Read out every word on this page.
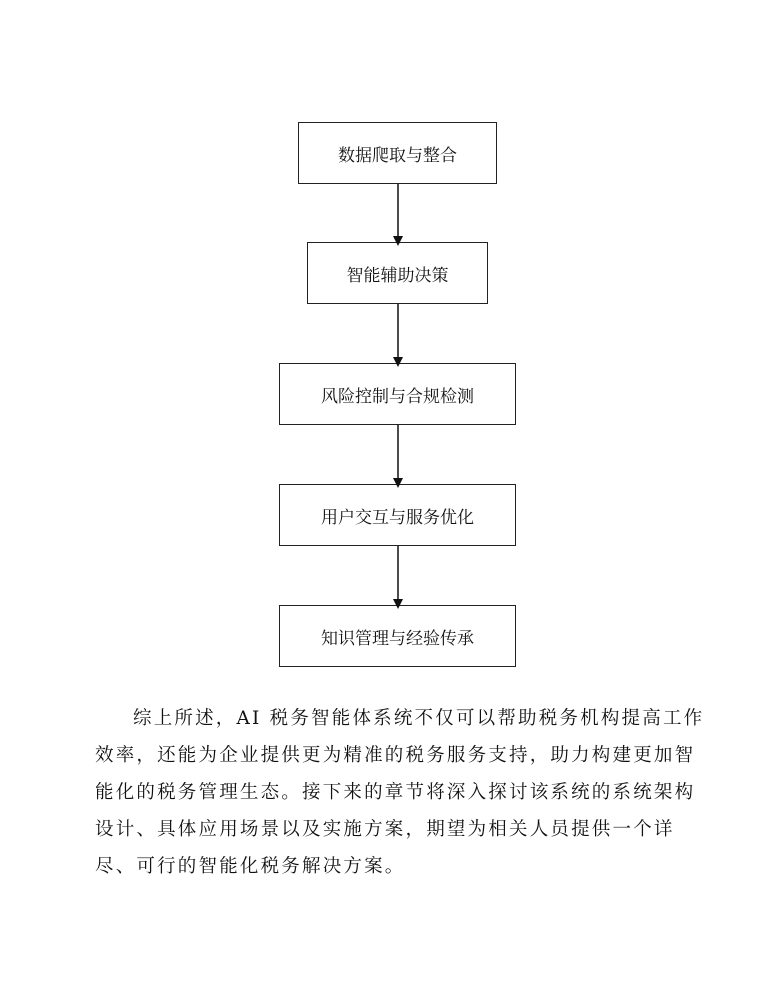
数据爬取与整合
智能辅助决策
风险控制与合规检测
用户交互与服务优化
知识管理与经验传承
综上所述，AI 税务智能体系统不仅可以帮助税务机构提高工作
效率，还能为企业提供更为精准的税务服务支持，助力构建更加智
能化的税务管理生态。接下来的章节将深入探讨该系统的系统架构
设计、具体应用场景以及实施方案，期望为相关人员提供一个详
尽、可行的智能化税务解决方案。
